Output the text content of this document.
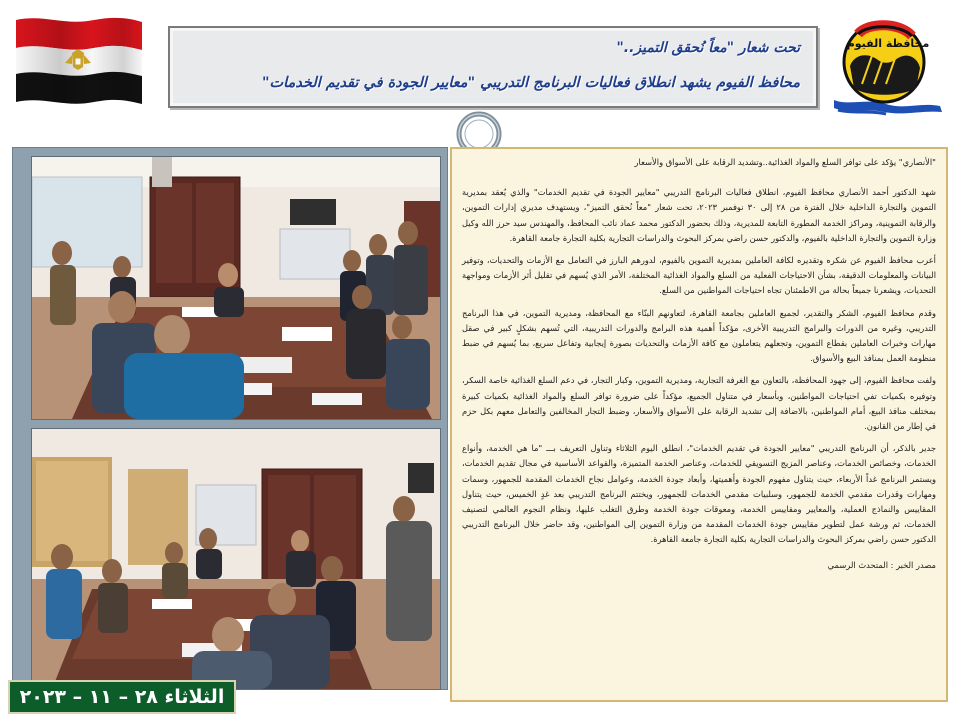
محافظة الفيوم
تحت شعار "معاً نُحقق التميز.."
محافظ الفيوم يشهد انطلاق فعاليات البرنامج التدريبي "معايير الجودة في تقديم الخدمات"

"الأنصاري" يؤكد على توافر السلع والمواد الغذائية..وتشديد الرقابة على الأسواق والأسعار

شهد الدكتور أحمد الأنصاري محافظ الفيوم، انطلاق فعاليات البرنامج التدريبي "معايير الجودة في تقديم الخدمات" والذي يُعقد بمديرية التموين والتجارة الداخلية خلال الفترة من ٢٨ إلى ٣٠ نوفمبر ٢٠٢٣، تحت شعار "معاً نُحقق التميز"، ويستهدف مديري إدارات التموين، والرقابة التموينية، ومراكز الخدمة المطورة التابعة للمديرية، وذلك بحضور الدكتور محمد عماد نائب المحافظ، والمهندس سيد حرز الله وكيل وزارة التموين والتجارة الداخلية بالفيوم، والدكتور حسن راضي بمركز البحوث والدراسات التجارية بكلية التجارة جامعة القاهرة.

أعرب محافظ الفيوم عن شكره وتقديره لكافة العاملين بمديرية التموين بالفيوم، لدورهم البارز في التعامل مع الأزمات والتحديات، وتوفير البيانات والمعلومات الدقيقة، بشأن الاحتياجات الفعلية من السلع والمواد الغذائية المختلفة، الأمر الذي يُسهم في تقليل أثر الأزمات ومواجهة التحديات، ويشعرنا جميعاً بحالة من الاطمئنان تجاه احتياجات المواطنين من السلع.

وقدم محافظ الفيوم، الشكر والتقدير، لجميع العاملين بجامعة القاهرة، لتعاونهم البنّاء مع المحافظة، ومديرية التموين، في هذا البرنامج التدريبي، وغيره من الدورات والبرامج التدريبية الأخرى، مؤكداً أهمية هذه البرامج والدورات التدريبية، التي تُسهم بشكلٍ كبير في صقل مهارات وخبرات العاملين بقطاع التموين، وتجعلهم يتعاملون مع كافة الأزمات والتحديات بصورة إيجابية وتفاعل سريع، بما يُسهم في ضبط منظومة العمل بمنافذ البيع والأسواق.

ولفت محافظ الفيوم، إلى جهود المحافظة، بالتعاون مع الغرفة التجارية، ومديرية التموين، وكبار التجار، في دعم السلع الغذائية خاصة السكر، وتوفيره بكميات تفي احتياجات المواطنين، وبأسعار في متناول الجميع، مؤكداً على ضرورة توافر السلع والمواد الغذائية بكميات كبيرة بمختلف منافذ البيع، أمام المواطنين، بالاضافة إلى تشديد الرقابة على الأسواق والأسعار، وضبط التجار المخالفين والتعامل معهم بكل حزم في إطار من القانون.

جدير بالذكر، أن البرنامج التدريبي "معايير الجودة في تقديم الخدمات"، انطلق اليوم الثلاثاء وتناول التعريف بـــ "ما هي الخدمة، وأنواع الخدمات، وخصائص الخدمات، وعناصر المزيج التسويقي للخدمات، وعناصر الخدمة المتميزة، والقواعد الأساسية في مجال تقديم الخدمات، ويستمر البرنامج غداً الأربعاء، حيث يتناول مفهوم الجودة وأهميتها، وأبعاد جودة الخدمة، وعوامل نجاح الخدمات المقدمة للجمهور، وسمات ومهارات وقدرات مقدمي الخدمة للجمهور، وسلبيات مقدمي الخدمات للجمهور، ويختتم البرنامج التدريبي بعد غدٍ الخميس، حيث يتناول المقاييس والنماذج العملية، والمعايير ومقاييس الخدمة، ومعوقات جودة الخدمة وطرق التغلب عليها، ونظام النجوم العالمي لتصنيف الخدمات، ثم ورشة عمل لتطوير مقاييس جودة الخدمات المقدمة من وزارة التموين إلى المواطنين، وقد حاضر خلال البرنامج التدريبي الدكتور حسن راضي بمركز البحوث والدراسات التجارية بكلية التجارة جامعة القاهرة.

مصدر الخبر : المتحدث الرسمي

الثلاثاء ٢٨ – ١١ – ٢٠٢٣
